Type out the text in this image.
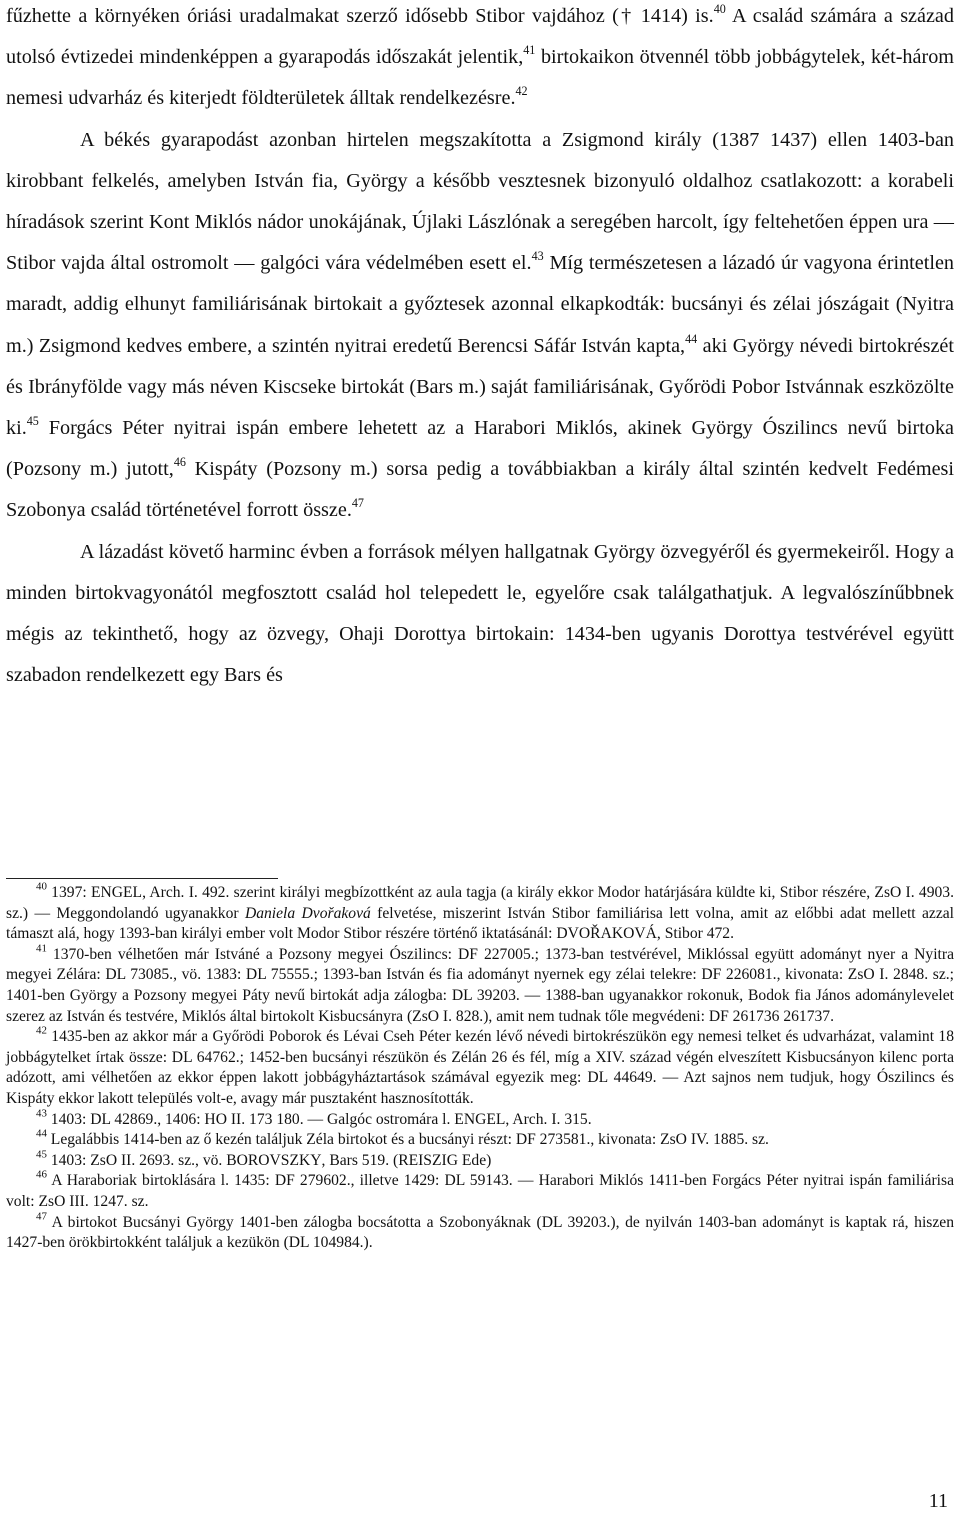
fűzhette a környéken óriási uradalmakat szerző idősebb Stibor vajdához († 1414) is.$^{40}$ A család számára a század utolsó évtizedei mindenképpen a gyarapodás időszakát jelentik,$^{41}$ birtokaikon ötvennél több jobbágytelek, két-három nemesi udvarház és kiterjedt földterületek álltak rendelkezésre.$^{42}$

A békés gyarapodást azonban hirtelen megszakította a Zsigmond király (1387 1437) ellen 1403-ban kirobbant felkelés, amelyben István fia, György a később vesztesnek bizonyuló oldalhoz csatlakozott: a korabeli híradások szerint Kont Miklós nádor unokájának, Újlaki Lászlónak a seregében harcolt, így feltehetően éppen ura ― Stibor vajda által ostromolt ― galgóci vára védelmében esett el.$^{43}$ Míg természetesen a lázadó úr vagyona érintetlen maradt, addig elhunyt familiárisának birtokait a győztesek azonnal elkapkodták: bucsányi és zélai jószágait (Nyitra m.) Zsigmond kedves embere, a szintén nyitrai eredetű Berencsi Sáfár István kapta,$^{44}$ aki György névedi birtokrészét és Ibrányfölde vagy más néven Kiscseke birtokát (Bars m.) saját familiárisának, Győrödi Pobor Istvánnak eszközölte ki.$^{45}$ Forgács Péter nyitrai ispán embere lehetett az a Harabori Miklós, akinek György Ószilincs nevű birtoka (Pozsony m.) jutott,$^{46}$ Kispáty (Pozsony m.) sorsa pedig a továbbiakban a király által szintén kedvelt Fedémesi Szobonya család történetével forrott össze.$^{47}$

A lázadást követő harminc évben a források mélyen hallgatnak György özvegyéről és gyermekeiről. Hogy a minden birtokvagyonától megfosztott család hol telepedett le, egyelőre csak találgathatjuk. A legvalószínűbbnek mégis az tekinthető, hogy az özvegy, Ohaji Dorottya birtokain: 1434-ben ugyanis Dorottya testvérével együtt szabadon rendelkezett egy Bars és

$^{40}$ 1397: ENGEL, Arch. I. 492. szerint királyi megbízottként az aula tagja (a király ekkor Modor határjására küldte ki, Stibor részére, ZsO I. 4903. sz.) ― Meggondolandó ugyanakkor Daniela Dvořaková felvetése, miszerint István Stibor familiárisa lett volna, amit az előbbi adat mellett azzal támaszt alá, hogy 1393-ban királyi ember volt Modor Stibor részére történő iktatásánál: DVOŘAKOVÁ, Stibor 472.

$^{41}$ 1370-ben vélhetően már Istváné a Pozsony megyei Ószilincs: DF 227005.; 1373-ban testvérével, Miklóssal együtt adományt nyer a Nyitra megyei Zélára: DL 73085., vö. 1383: DL 75555.; 1393-ban István és fia adományt nyernek egy zélai telekre: DF 226081., kivonata: ZsO I. 2848. sz.; 1401-ben György a Pozsony megyei Páty nevű birtokát adja zálogba: DL 39203. ― 1388-ban ugyanakkor rokonuk, Bodok fia János adománylevelet szerez az István és testvére, Miklós által birtokolt Kisbucsányra (ZsO I. 828.), amit nem tudnak tőle megvédeni: DF 261736 261737.

$^{42}$ 1435-ben az akkor már a Győrödi Poborok és Lévai Cseh Péter kezén lévő névedi birtokrészükön egy nemesi telket és udvarházat, valamint 18 jobbágytelket írtak össze: DL 64762.; 1452-ben bucsányi részükön és Zélán 26 és fél, míg a XIV. század végén elveszített Kisbucsányon kilenc porta adózott, ami vélhetően az ekkor éppen lakott jobbágyháztartások számával egyezik meg: DL 44649. ― Azt sajnos nem tudjuk, hogy Ószilincs és Kispáty ekkor lakott település volt-e, avagy már pusztaként hasznosították.

$^{43}$ 1403: DL 42869., 1406: HO II. 173 180. ― Galgóc ostromára l. ENGEL, Arch. I. 315.

$^{44}$ Legalábbis 1414-ben az ő kezén találjuk Zéla birtokot és a bucsányi részt: DF 273581., kivonata: ZsO IV. 1885. sz.

$^{45}$ 1403: ZsO II. 2693. sz., vö. BOROVSZKY, Bars 519. (REISZIG Ede)

$^{46}$ A Haraboriak birtoklására l. 1435: DF 279602., illetve 1429: DL 59143. ― Harabori Miklós 1411-ben Forgács Péter nyitrai ispán familiárisa volt: ZsO III. 1247. sz.

$^{47}$ A birtokot Bucsányi György 1401-ben zálogba bocsátotta a Szobonyáknak (DL 39203.), de nyilván 1403-ban adományt is kaptak rá, hiszen 1427-ben örökbirtokként találjuk a kezükön (DL 104984.).

11
